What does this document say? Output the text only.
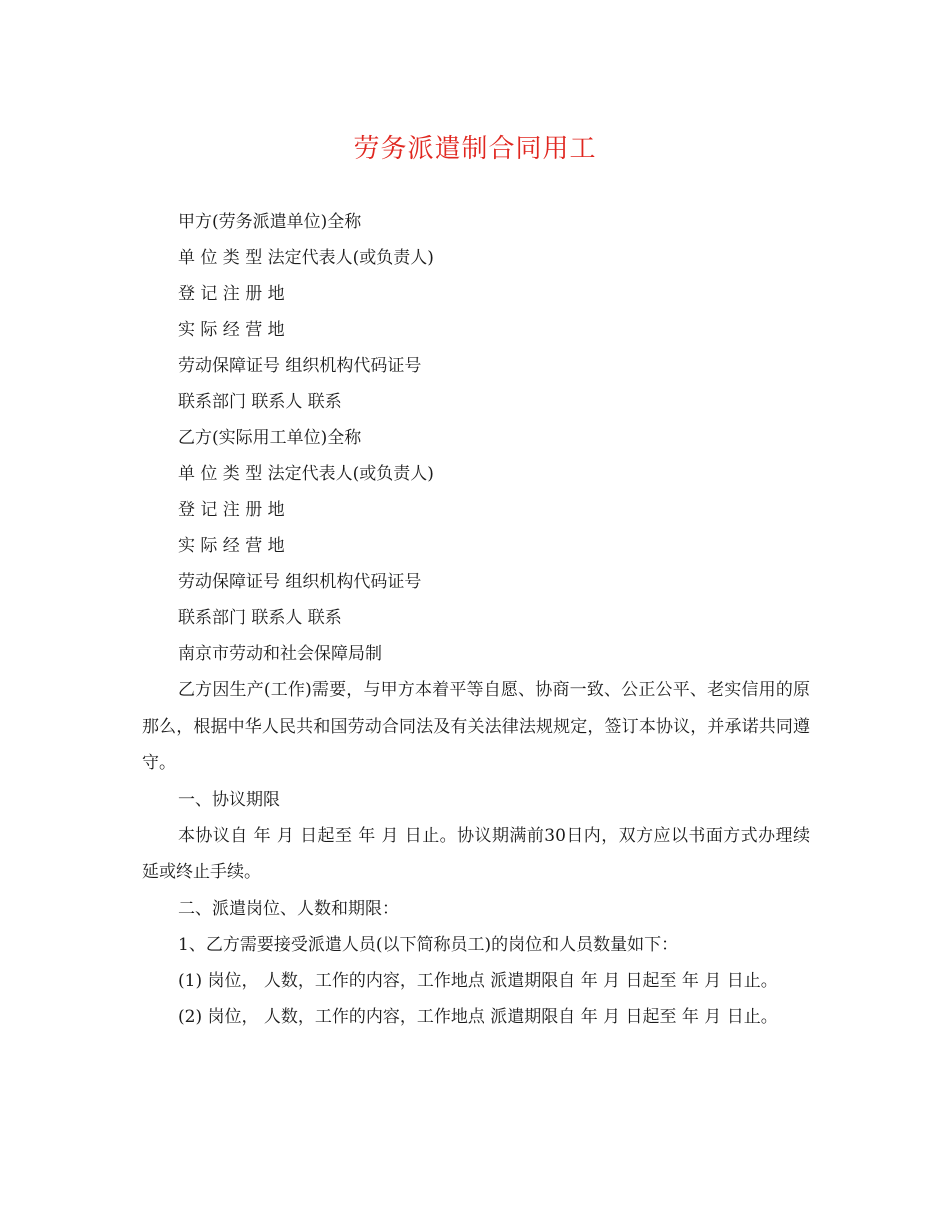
劳务派遣制合同用工

甲方(劳务派遣单位)全称

单 位 类 型 法定代表人(或负责人)

登 记 注 册 地

实 际 经 营 地

劳动保障证号 组织机构代码证号

联系部门 联系人 联系

乙方(实际用工单位)全称

单 位 类 型 法定代表人(或负责人)

登 记 注 册 地

实 际 经 营 地

劳动保障证号 组织机构代码证号

联系部门 联系人 联系

南京市劳动和社会保障局制

乙方因生产(工作)需要，与甲方本着平等自愿、协商一致、公正公平、老实信用的原那么，根据中华人民共和国劳动合同法及有关法律法规规定，签订本协议，并承诺共同遵守。

一、协议期限

本协议自 年 月 日起至 年 月 日止。协议期满前30日内，双方应以书面方式办理续延或终止手续。

二、派遣岗位、人数和期限：

1、乙方需要接受派遣人员(以下简称员工)的岗位和人员数量如下：

(1) 岗位， 人数，工作的内容，工作地点 派遣期限自 年 月 日起至 年 月 日止。

(2) 岗位， 人数，工作的内容，工作地点 派遣期限自 年 月 日起至 年 月 日止。
